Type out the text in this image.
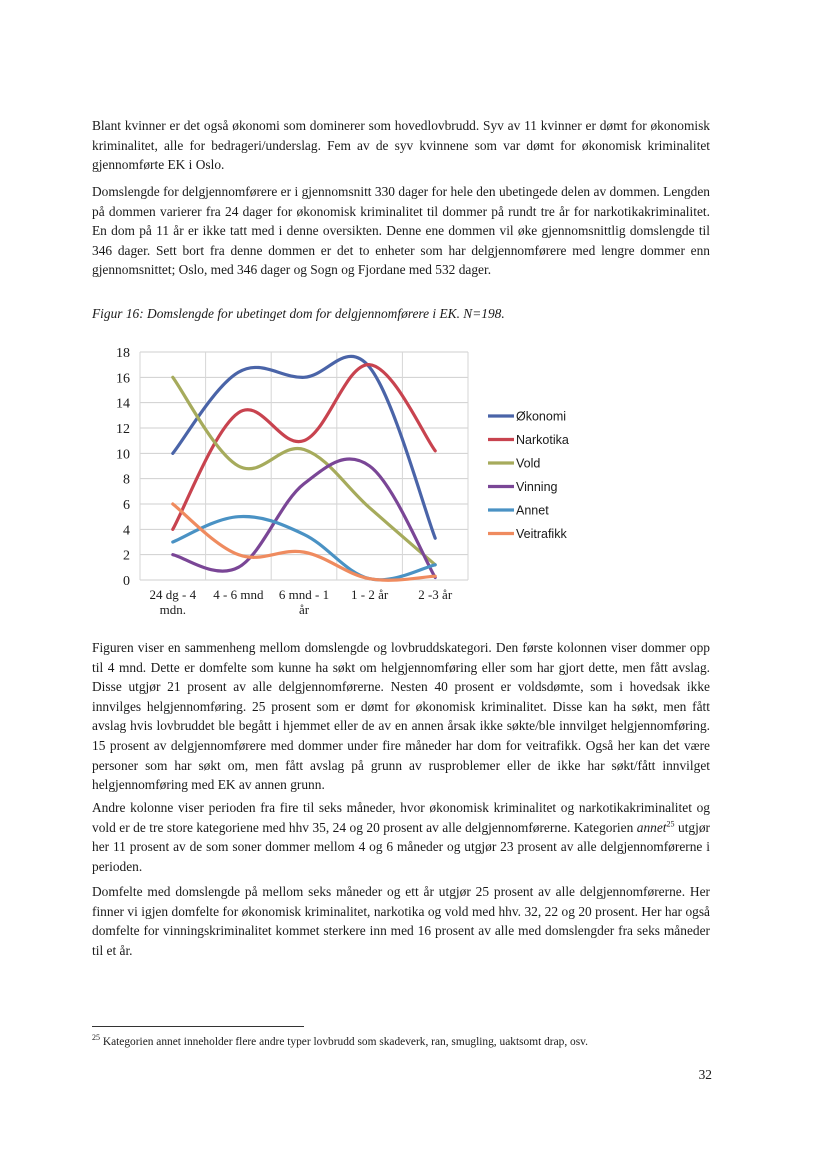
Blant kvinner er det også økonomi som dominerer som hovedlovbrudd. Syv av 11 kvinner er dømt for økonomisk kriminalitet, alle for bedrageri/underslag. Fem av de syv kvinnene som var dømt for økonomisk kriminalitet gjennomførte EK i Oslo.

Domslengde for delgjennomførere er i gjennomsnitt 330 dager for hele den ubetingede delen av dommen. Lengden på dommen varierer fra 24 dager for økonomisk kriminalitet til dommer på rundt tre år for narkotikakriminalitet. En dom på 11 år er ikke tatt med i denne oversikten. Denne ene dommen vil øke gjennomsnittlig domslengde til 346 dager. Sett bort fra denne dommen er det to enheter som har delgjennomførere med lengre dommer enn gjennomsnittet; Oslo, med 346 dager og Sogn og Fjordane med 532 dager.

Figur 16: Domslengde for ubetinget dom for delgjennomførere i EK. N=198.

0
2
4
6
8
10
12
14
16
18
24 dg - 4 mdn.
4 - 6 mnd 6 mnd - 1 år
1 - 2 år 2 -3 år
Økonomi
Narkotika
Vold
Vinning
Annet
Veitrafikk

Figuren viser en sammenheng mellom domslengde og lovbruddskategori. Den første kolonnen viser dommer opp til 4 mnd. Dette er domfelte som kunne ha søkt om helgjennomføring eller som har gjort dette, men fått avslag. Disse utgjør 21 prosent av alle delgjennomførerne. Nesten 40 prosent er voldsdømte, som i hovedsak ikke innvilges helgjennomføring. 25 prosent som er dømt for økonomisk kriminalitet. Disse kan ha søkt, men fått avslag hvis lovbruddet ble begått i hjemmet eller de av en annen årsak ikke søkte/ble innvilget helgjennomføring. 15 prosent av delgjennomførere med dommer under fire måneder har dom for veitrafikk. Også her kan det være personer som har søkt om, men fått avslag på grunn av rusproblemer eller de ikke har søkt/fått innvilget helgjennomføring med EK av annen grunn.

Andre kolonne viser perioden fra fire til seks måneder, hvor økonomisk kriminalitet og narkotikakriminalitet og vold er de tre store kategoriene med hhv 35, 24 og 20 prosent av alle delgjennomførerne. Kategorien annet$^{25}$ utgjør her 11 prosent av de som soner dommer mellom 4 og 6 måneder og utgjør 23 prosent av alle delgjennomførerne i perioden.

Domfelte med domslengde på mellom seks måneder og ett år utgjør 25 prosent av alle delgjennomførerne. Her finner vi igjen domfelte for økonomisk kriminalitet, narkotika og vold med hhv. 32, 22 og 20 prosent. Her har også domfelte for vinningskriminalitet kommet sterkere inn med 16 prosent av alle med domslengder fra seks måneder til et år.

$^{25}$ Kategorien annet inneholder flere andre typer lovbrudd som skadeverk, ran, smugling, uaktsomt drap, osv.

32
